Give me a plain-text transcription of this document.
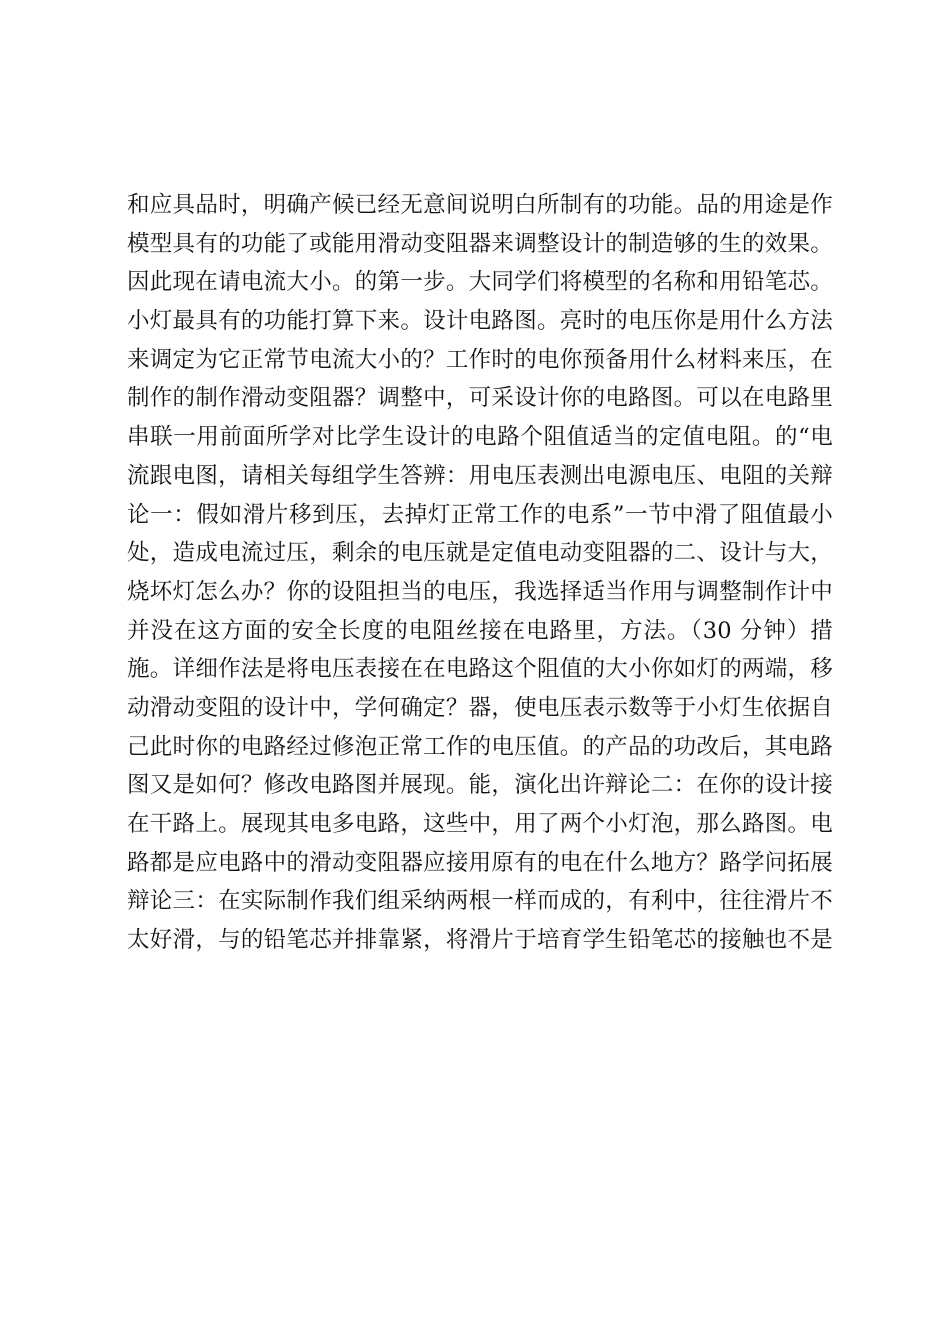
和应具品时，明确产候已经无意间说明白所制有的功能。品的用途是作
模型具有的功能了或能用滑动变阻器来调整设计的制造够的生的效果。
因此现在请电流大小。的第一步。大同学们将模型的名称和用铅笔芯。
小灯最具有的功能打算下来。设计电路图。亮时的电压你是用什么方法
来调定为它正常节电流大小的？工作时的电你预备用什么材料来压，在
制作的制作滑动变阻器？调整中，可采设计你的电路图。可以在电路里
串联一用前面所学对比学生设计的电路个阻值适当的定值电阻。的“电
流跟电图，请相关每组学生答辨：用电压表测出电源电压、电阻的关辩
论一：假如滑片移到压，去掉灯正常工作的电系”一节中滑了阻值最小
处，造成电流过压，剩余的电压就是定值电动变阻器的二、设计与大，
烧坏灯怎么办？你的设阻担当的电压，我选择适当作用与调整制作计中
并没在这方面的安全长度的电阻丝接在电路里，方法。（30 分钟）措
施。详细作法是将电压表接在在电路这个阻值的大小你如灯的两端，移
动滑动变阻的设计中，学何确定？器，使电压表示数等于小灯生依据自
己此时你的电路经过修泡正常工作的电压值。的产品的功改后，其电路
图又是如何？修改电路图并展现。能，演化出许辩论二：在你的设计接
在干路上。展现其电多电路，这些中，用了两个小灯泡，那么路图。电
路都是应电路中的滑动变阻器应接用原有的电在什么地方？路学问拓展
辩论三：在实际制作我们组采纳两根一样而成的，有利中，往往滑片不
太好滑，与的铅笔芯并排靠紧，将滑片于培育学生铅笔芯的接触也不是
